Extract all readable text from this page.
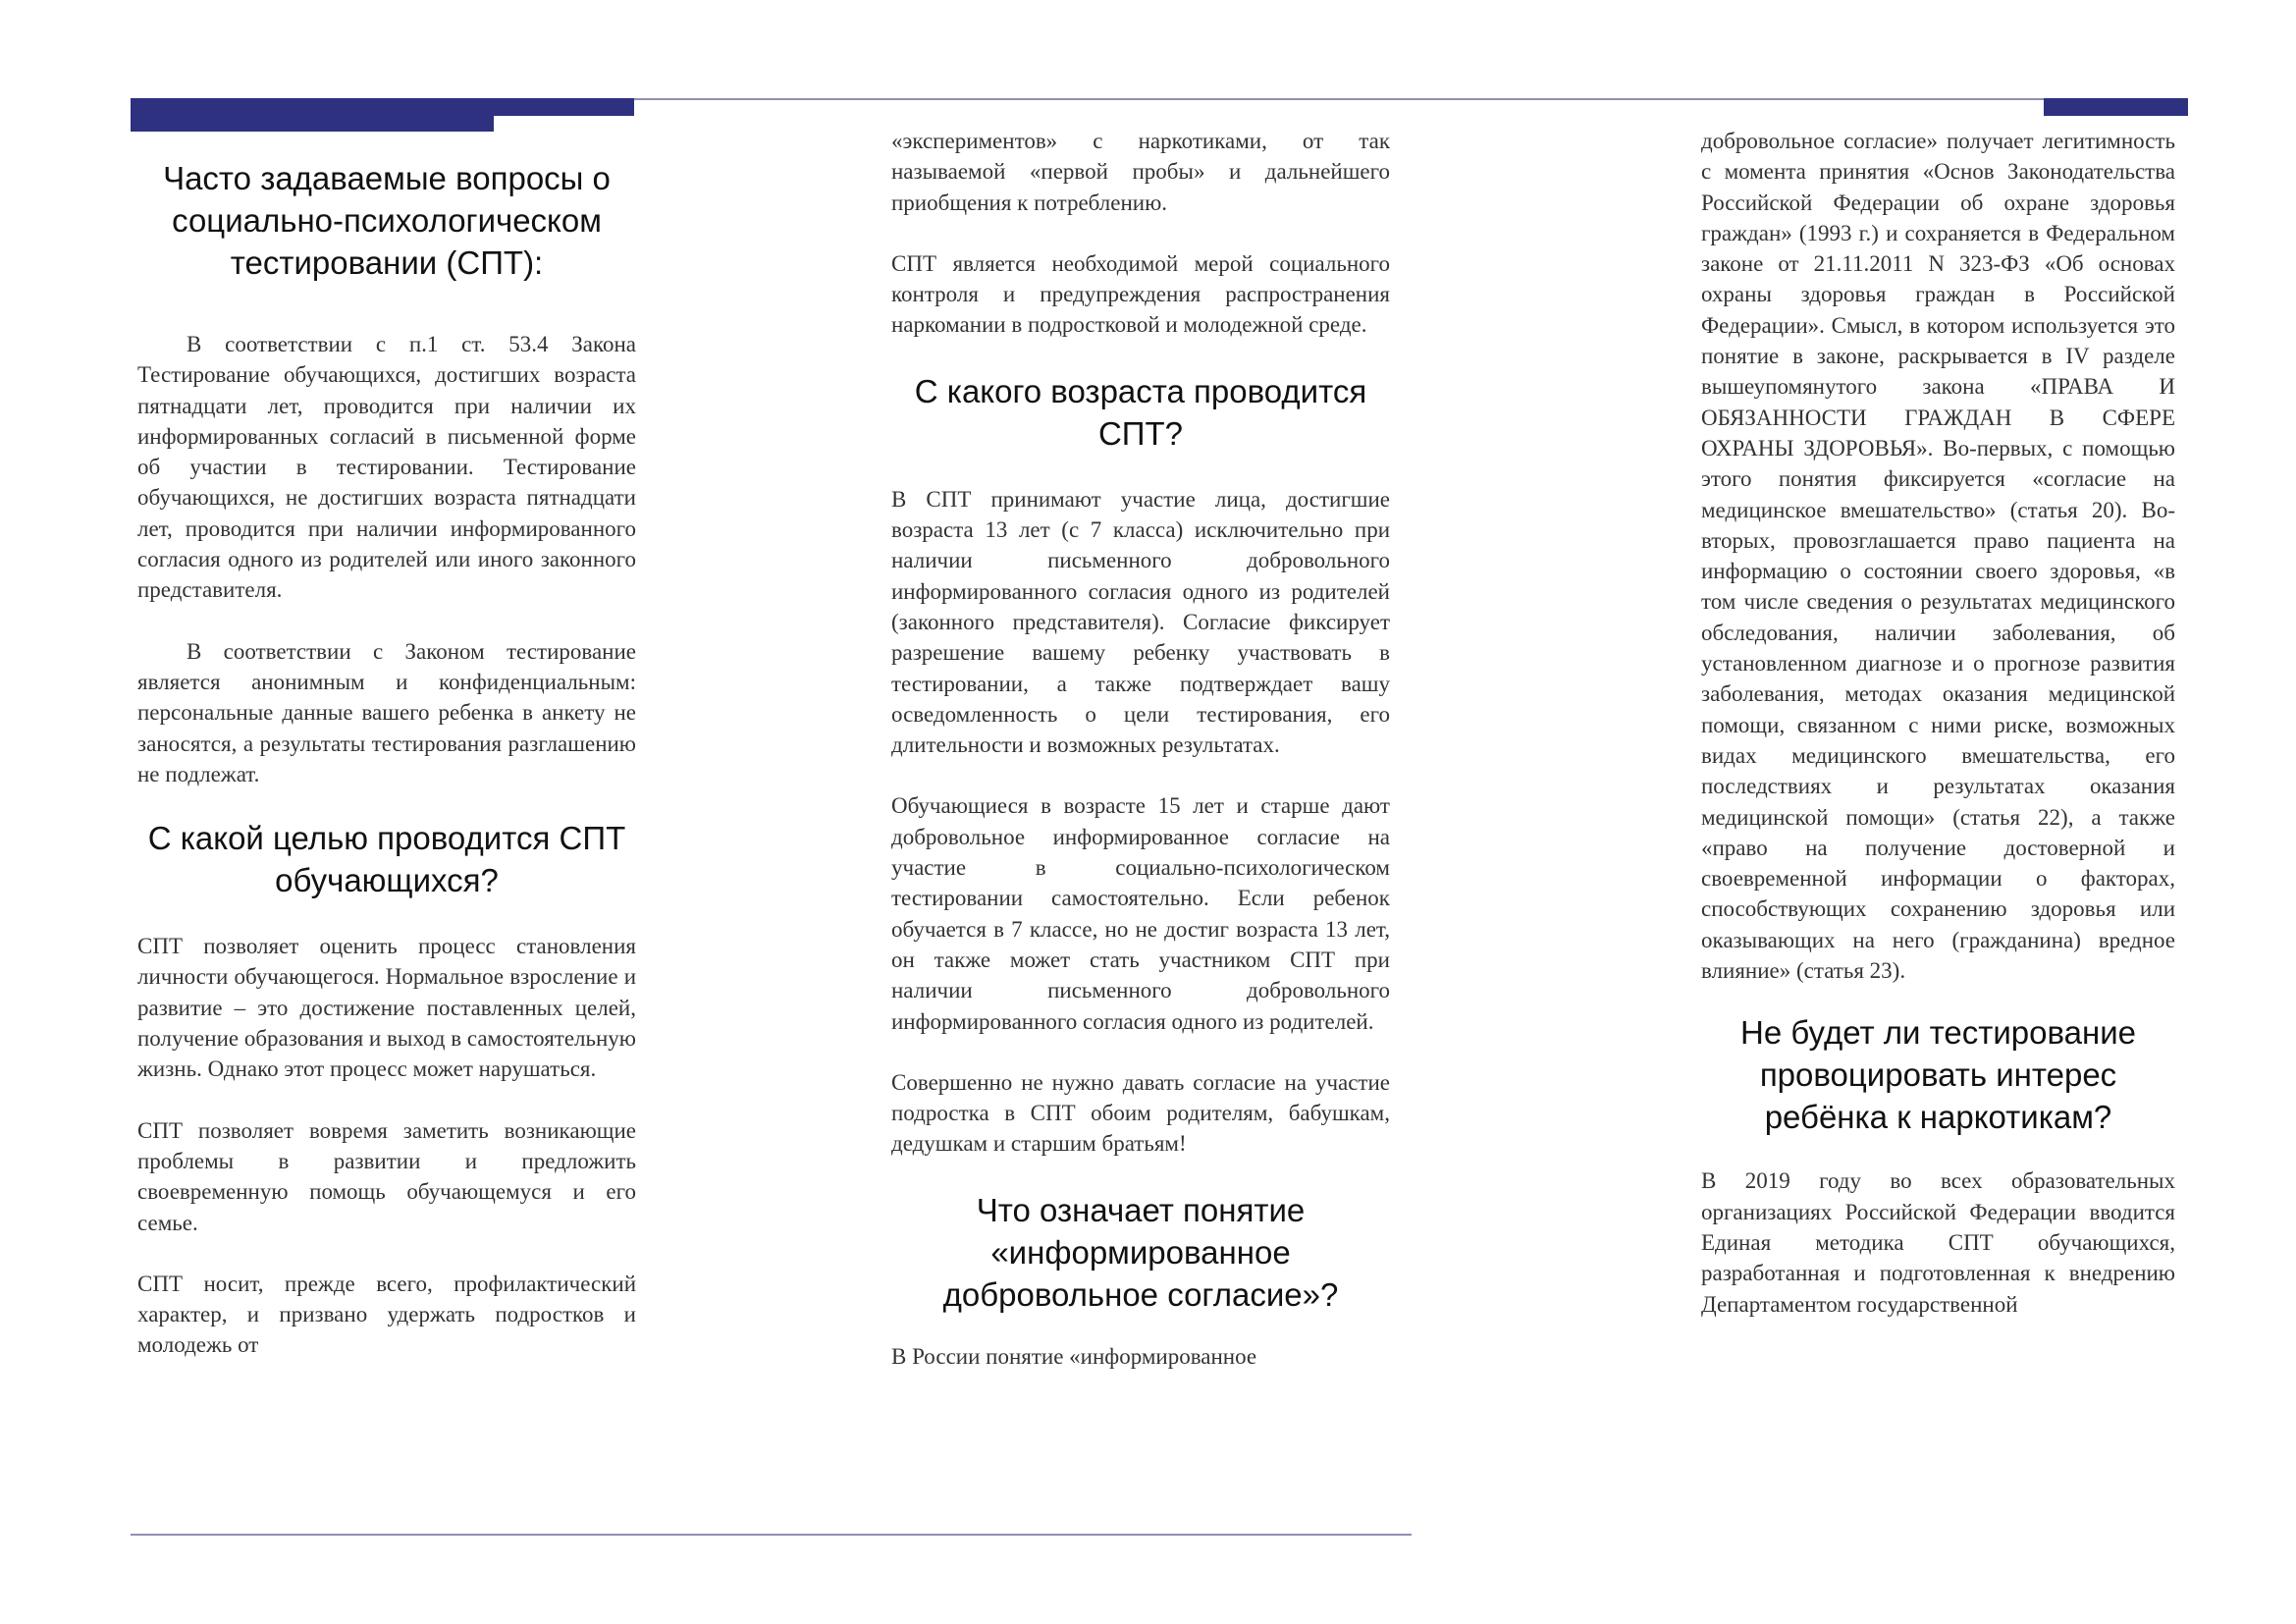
Часто задаваемые вопросы о социально-психологическом тестировании (СПТ):

В соответствии с п.1 ст. 53.4 Закона Тестирование обучающихся, достигших возраста пятнадцати лет, проводится при наличии их информированных согласий в письменной форме об участии в тестировании. Тестирование обучающихся, не достигших возраста пятнадцати лет, проводится при наличии информированного согласия одного из родителей или иного законного представителя.

В соответствии с Законом тестирование является анонимным и конфиденциальным: персональные данные вашего ребенка в анкету не заносятся, а результаты тестирования разглашению не подлежат.

С какой целью проводится СПТ обучающихся?

СПТ позволяет оценить процесс становления личности обучающегося. Нормальное взросление и развитие – это достижение поставленных целей, получение образования и выход в самостоятельную жизнь. Однако этот процесс может нарушаться.

СПТ позволяет вовремя заметить возникающие проблемы в развитии и предложить своевременную помощь обучающемуся и его семье.

СПТ носит, прежде всего, профилактический характер, и призвано удержать подростков и молодежь от

«экспериментов» с наркотиками, от так называемой «первой пробы» и дальнейшего приобщения к потреблению.

СПТ является необходимой мерой социального контроля и предупреждения распространения наркомании в подростковой и молодежной среде.

С какого возраста проводится СПТ?

В СПТ принимают участие лица, достигшие возраста 13 лет (с 7 класса) исключительно при наличии письменного добровольного информированного согласия одного из родителей (законного представителя). Согласие фиксирует разрешение вашему ребенку участвовать в тестировании, а также подтверждает вашу осведомленность о цели тестирования, его длительности и возможных результатах.

Обучающиеся в возрасте 15 лет и старше дают добровольное информированное согласие на участие в социально-психологическом тестировании самостоятельно. Если ребенок обучается в 7 классе, но не достиг возраста 13 лет, он также может стать участником СПТ при наличии письменного добровольного информированного согласия одного из родителей.

Совершенно не нужно давать согласие на участие подростка в СПТ обоим родителям, бабушкам, дедушкам и старшим братьям!

Что означает понятие «информированное добровольное согласие»?

В России понятие «информированное

добровольное согласие» получает легитимность с момента принятия «Основ Законодательства Российской Федерации об охране здоровья граждан» (1993 г.) и сохраняется в Федеральном законе от 21.11.2011 N 323-ФЗ «Об основах охраны здоровья граждан в Российской Федерации». Смысл, в котором используется это понятие в законе, раскрывается в IV разделе вышеупомянутого закона «ПРАВА И ОБЯЗАННОСТИ ГРАЖДАН В СФЕРЕ ОХРАНЫ ЗДОРОВЬЯ». Во-первых, с помощью этого понятия фиксируется «согласие на медицинское вмешательство» (статья 20). Во-вторых, провозглашается право пациента на информацию о состоянии своего здоровья, «в том числе сведения о результатах медицинского обследования, наличии заболевания, об установленном диагнозе и о прогнозе развития заболевания, методах оказания медицинской помощи, связанном с ними риске, возможных видах медицинского вмешательства, его последствиях и результатах оказания медицинской помощи» (статья 22), а также «право на получение достоверной и своевременной информации о факторах, способствующих сохранению здоровья или оказывающих на него (гражданина) вредное влияние» (статья 23).

Не будет ли тестирование провоцировать интерес ребёнка к наркотикам?

В 2019 году во всех образовательных организациях Российской Федерации вводится Единая методика СПТ обучающихся, разработанная и подготовленная к внедрению Департаментом государственной
